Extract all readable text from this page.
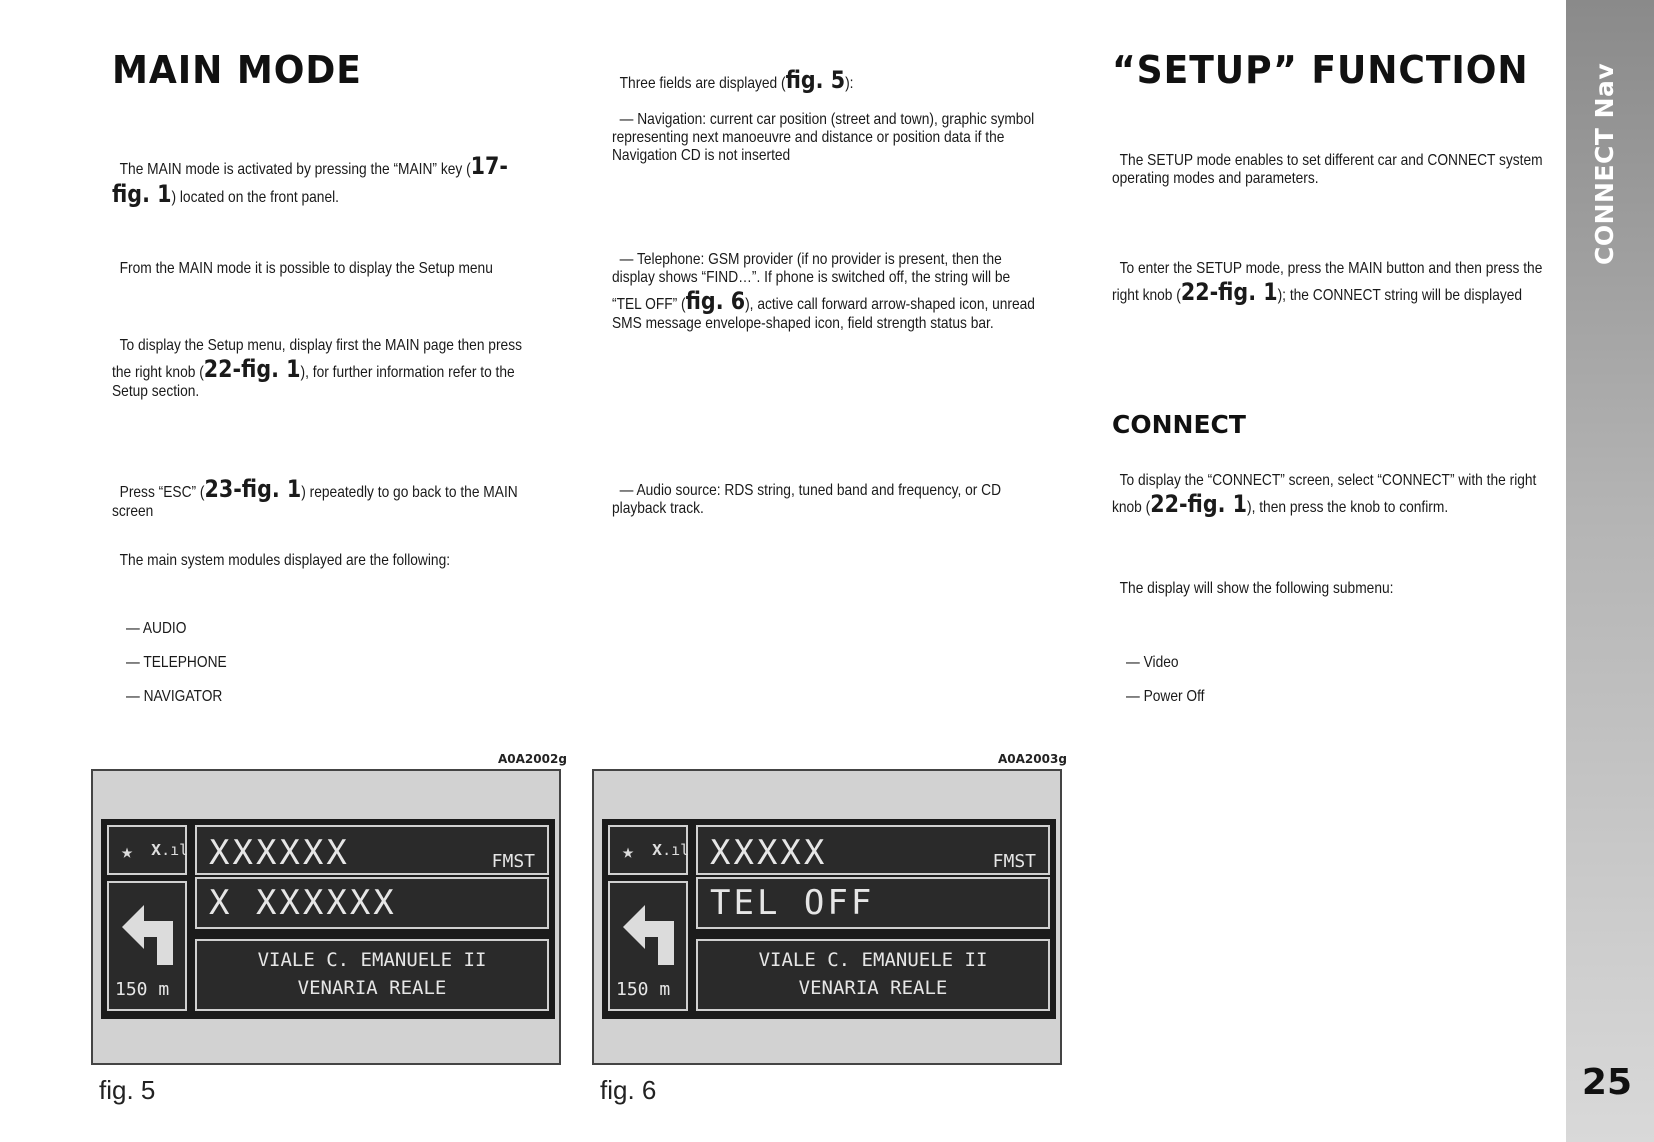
MAIN MODE

The MAIN mode is activated by pressing the “MAIN” key (17-fig. 1) located on the front panel.

From the MAIN mode it is possible to display the Setup menu

To display the Setup menu, display first the MAIN page then press the right knob (22-fig. 1), for further information refer to the Setup section.

Press “ESC” (23-fig. 1) repeatedly to go back to the MAIN screen

The main system modules displayed are the following:

— AUDIO

— TELEPHONE

— NAVIGATOR

Three fields are displayed (fig. 5):

— Navigation: current car position (street and town), graphic symbol representing next manoeuvre and distance or position data if the Navigation CD is not inserted

— Telephone: GSM provider (if no provider is present, then the display shows “FIND…”. If phone is switched off, the string will be “TEL OFF” (fig. 6), active call forward arrow-shaped icon, unread SMS message envelope-shaped icon, field strength status bar.

— Audio source: RDS string, tuned band and frequency, or CD playback track.

“SETUP” FUNCTION

The SETUP mode enables to set different car and CONNECT system operating modes and parameters.

To enter the SETUP mode, press the MAIN button and then press the right knob (22-fig. 1); the CONNECT string will be displayed

CONNECT

To display the “CONNECT” screen, select “CONNECT” with the right knob (22-fig. 1), then press the knob to confirm.

The display will show the following submenu:

— Video

— Power Off

CONNECT Nav
25
A0A2002g
★ 𝚾.ıl XXXXXX	FMST
X XXXXXX
150 m
VIALE C. EMANUELE II
VENARIA REALE
fig. 5
A0A2003g
★ 𝚾.ıl XXXXX	FMST
TEL OFF
150 m
VIALE C. EMANUELE II
VENARIA REALE
fig. 6
